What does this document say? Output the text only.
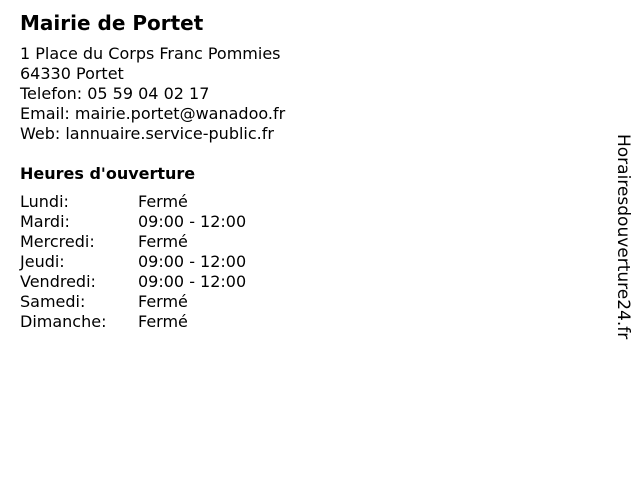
Mairie de Portet
1 Place du Corps Franc Pommies
64330 Portet
Telefon: 05 59 04 02 17
Email: mairie.portet@wanadoo.fr
Web: lannuaire.service-public.fr
Heures d'ouverture
Lundi:	Fermé
Mardi:	09:00 - 12:00
Mercredi:	Fermé
Jeudi:	09:00 - 12:00
Vendredi:	09:00 - 12:00
Samedi:	Fermé
Dimanche:	Fermé	Horairesdouverture24.fr
